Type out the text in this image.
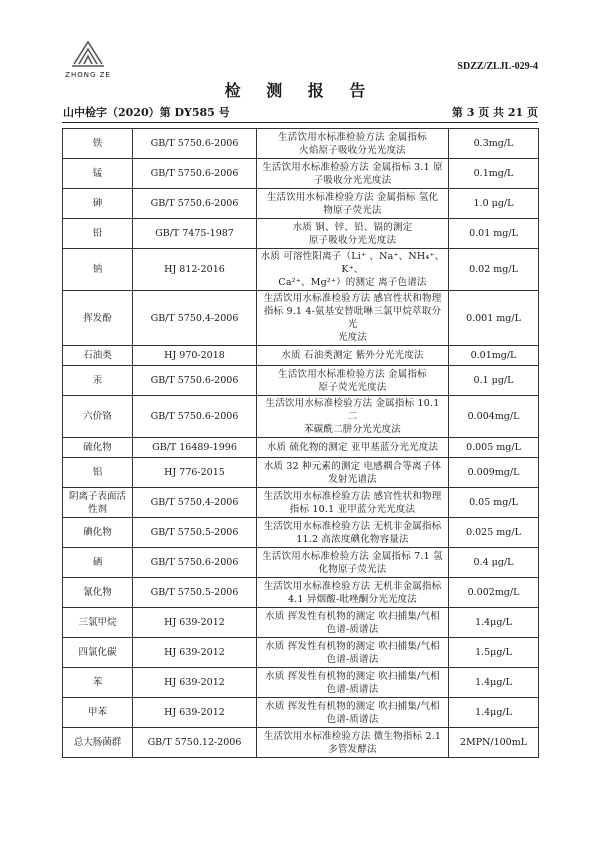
ZHONG ZE
SDZZ/ZLJL-029-4
检 测 报 告
山中检字（2020）第 DY585 号	第 3 页 共 21 页
铁	GB/T 5750.6-2006	生活饮用水标准检验方法 金属指标
火焰原子吸收分光光度法	0.3mg/L
锰	GB/T 5750.6-2006	生活饮用水标准检验方法 金属指标 3.1 原
子吸收分光光度法	0.1mg/L
砷	GB/T 5750.6-2006	生活饮用水标准检验方法 金属指标 氢化
物原子荧光法	1.0 μg/L
铅	GB/T 7475-1987	水质 铜、锌、铅、镉的测定
原子吸收分光光度法	0.01 mg/L
钠	HJ 812-2016	水质 可溶性阳离子（Li⁺ 、Na⁺、NH₄⁺、K⁺、
Ca²⁺、Mg²⁺）的测定 离子色谱法	0.02 mg/L
挥发酚	GB/T 5750.4-2006	生活饮用水标准检验方法 感官性状和物理
指标 9.1 4-氨基安替吡啉三氯甲烷萃取分光
光度法	0.001 mg/L
石油类	HJ 970-2018	水质 石油类测定 紫外分光光度法	0.01mg/L
汞	GB/T 5750.6-2006	生活饮用水标准检验方法 金属指标
原子荧光光度法	0.1 μg/L
六价铬	GB/T 5750.6-2006	生活饮用水标准检验方法 金属指标 10.1 二
苯碳酰二肼分光光度法	0.004mg/L
硫化物	GB/T 16489-1996	水质 硫化物的测定 亚甲基蓝分光光度法	0.005 mg/L
铝	HJ 776-2015	水质 32 种元素的测定 电感耦合等离子体
发射光谱法	0.009mg/L
阴离子表面活性剂	GB/T 5750.4-2006	生活饮用水标准检验方法 感官性状和物理
指标 10.1 亚甲蓝分光光度法	0.05 mg/L
碘化物	GB/T 5750.5-2006	生活饮用水标准检验方法 无机非金属指标
11.2 高浓度碘化物容量法	0.025 mg/L
硒	GB/T 5750.6-2006	生活饮用水标准检验方法 金属指标 7.1 氢
化物原子荧光法	0.4 μg/L
氰化物	GB/T 5750.5-2006	生活饮用水标准检验方法 无机非金属指标
4.1 异烟酸-吡唑酮分光光度法	0.002mg/L
三氯甲烷	HJ 639-2012	水质 挥发性有机物的测定 吹扫捕集/气相
色谱-质谱法	1.4μg/L
四氯化碳	HJ 639-2012	水质 挥发性有机物的测定 吹扫捕集/气相
色谱-质谱法	1.5μg/L
苯	HJ 639-2012	水质 挥发性有机物的测定 吹扫捕集/气相
色谱-质谱法	1.4μg/L
甲苯	HJ 639-2012	水质 挥发性有机物的测定 吹扫捕集/气相
色谱-质谱法	1.4μg/L
总大肠菌群	GB/T 5750.12-2006	生活饮用水标准检验方法 微生物指标 2.1
多管发酵法	2MPN/100mL
